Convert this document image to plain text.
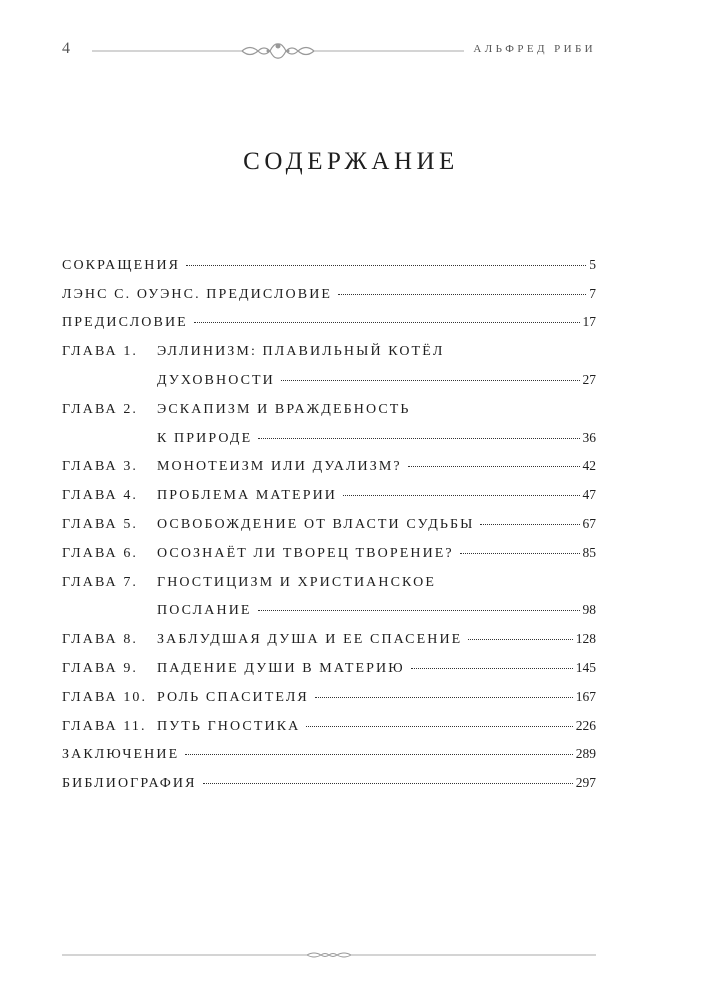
4	АЛЬФРЕД РИБИ
СОДЕРЖАНИЕ
СОКРАЩЕНИЯ	5
ЛЭНС С. ОУЭНС. ПРЕДИСЛОВИЕ	7
ПРЕДИСЛОВИЕ	17
ГЛАВА 1. ЭЛЛИНИЗМ: ПЛАВИЛЬНЫЙ КОТЁЛ
ДУХОВНОСТИ	27
ГЛАВА 2. ЭСКАПИЗМ И ВРАЖДЕБНОСТЬ
К ПРИРОДЕ	36
ГЛАВА 3. МОНОТЕИЗМ ИЛИ ДУАЛИЗМ?	42
ГЛАВА 4. ПРОБЛЕМА МАТЕРИИ	47
ГЛАВА 5. ОСВОБОЖДЕНИЕ ОТ ВЛАСТИ СУДЬБЫ	67
ГЛАВА 6. ОСОЗНАЁТ ЛИ ТВОРЕЦ ТВОРЕНИЕ?	85
ГЛАВА 7. ГНОСТИЦИЗМ И ХРИСТИАНСКОЕ
ПОСЛАНИЕ	98
ГЛАВА 8. ЗАБЛУДШАЯ ДУША И ЕЕ СПАСЕНИЕ	128
ГЛАВА 9. ПАДЕНИЕ ДУШИ В МАТЕРИЮ	145
ГЛАВА 10. РОЛЬ СПАСИТЕЛЯ	167
ГЛАВА 11. ПУТЬ ГНОСТИКА	226
ЗАКЛЮЧЕНИЕ	289
БИБЛИОГРАФИЯ	297
